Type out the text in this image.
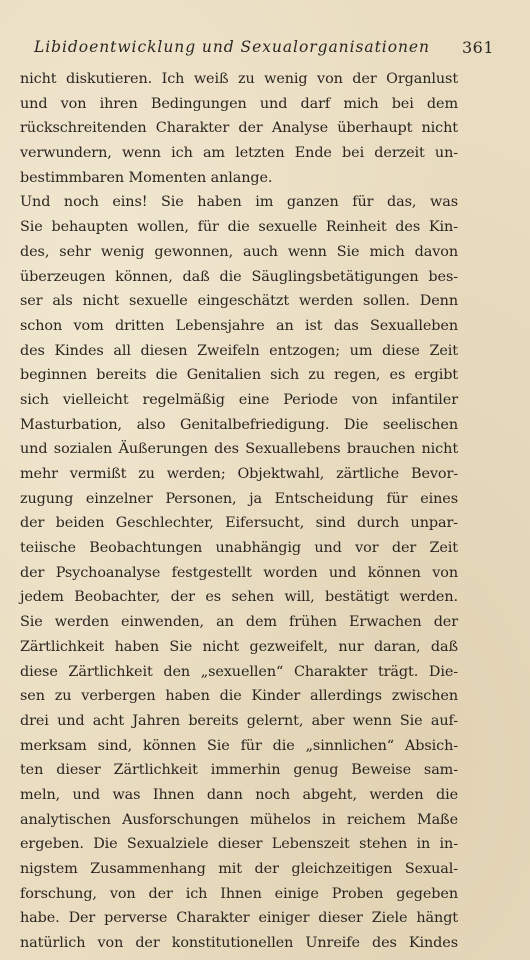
Libidoentwicklung und Sexualorganisationen 361
nicht diskutieren. Ich weiß zu wenig von der Organlust
und von ihren Bedingungen und darf mich bei dem
rückschreitenden Charakter der Analyse überhaupt nicht
verwundern, wenn ich am letzten Ende bei derzeit un-
bestimmbaren Momenten anlange.
Und noch eins! Sie haben im ganzen für das, was
Sie behaupten wollen, für die sexuelle Reinheit des Kin-
des, sehr wenig gewonnen, auch wenn Sie mich davon
überzeugen können, daß die Säuglingsbetätigungen bes-
ser als nicht sexuelle eingeschätzt werden sollen. Denn
schon vom dritten Lebensjahre an ist das Sexualleben
des Kindes all diesen Zweifeln entzogen; um diese Zeit
beginnen bereits die Genitalien sich zu regen, es ergibt
sich vielleicht regelmäßig eine Periode von infantiler
Masturbation, also Genitalbefriedigung. Die seelischen
und sozialen Äußerungen des Sexuallebens brauchen nicht
mehr vermißt zu werden; Objektwahl, zärtliche Bevor-
zugung einzelner Personen, ja Entscheidung für eines
der beiden Geschlechter, Eifersucht, sind durch unpar-
teiische Beobachtungen unabhängig und vor der Zeit
der Psychoanalyse festgestellt worden und können von
jedem Beobachter, der es sehen will, bestätigt werden.
Sie werden einwenden, an dem frühen Erwachen der
Zärtlichkeit haben Sie nicht gezweifelt, nur daran, daß
diese Zärtlichkeit den „sexuellen“ Charakter trägt. Die-
sen zu verbergen haben die Kinder allerdings zwischen
drei und acht Jahren bereits gelernt, aber wenn Sie auf-
merksam sind, können Sie für die „sinnlichen“ Absich-
ten dieser Zärtlichkeit immerhin genug Beweise sam-
meln, und was Ihnen dann noch abgeht, werden die
analytischen Ausforschungen mühelos in reichem Maße
ergeben. Die Sexualziele dieser Lebenszeit stehen in in-
nigstem Zusammenhang mit der gleichzeitigen Sexual-
forschung, von der ich Ihnen einige Proben gegeben
habe. Der perverse Charakter einiger dieser Ziele hängt
natürlich von der konstitutionellen Unreife des Kindes
